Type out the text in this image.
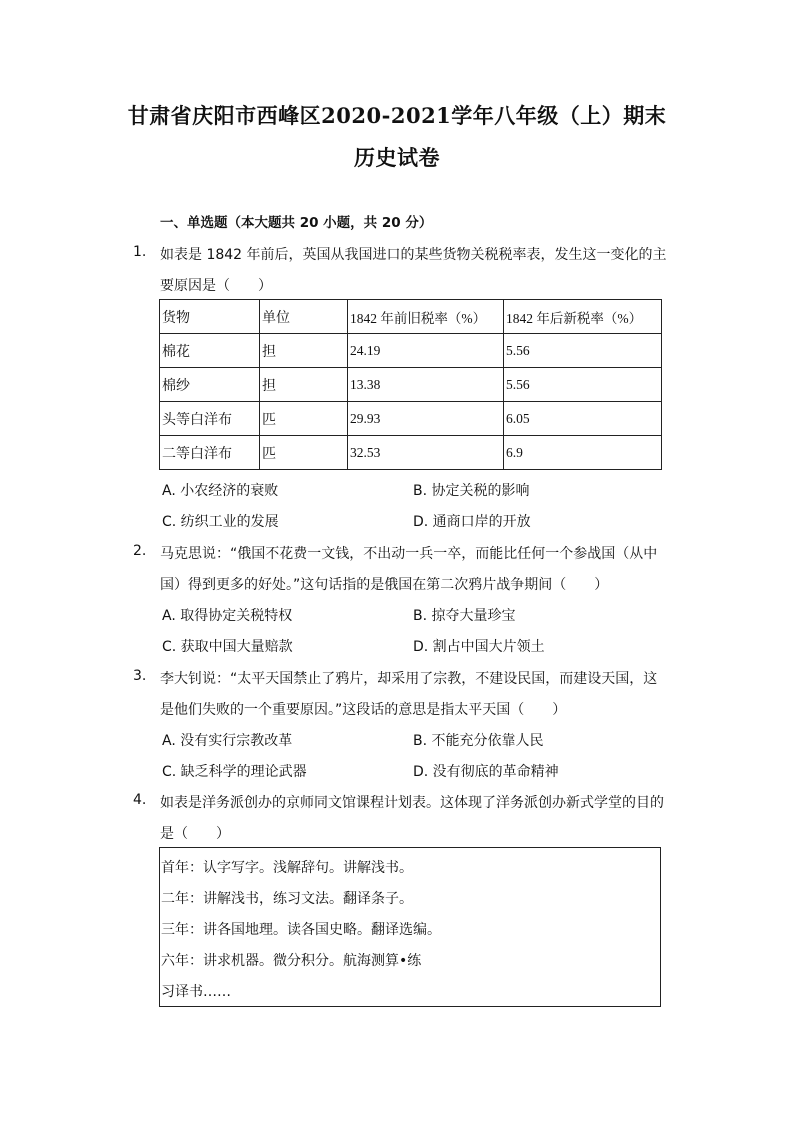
甘肃省庆阳市西峰区2020-2021学年八年级（上）期末
历史试卷
一、单选题（本大题共 20 小题，共 20 分）
1. 如表是 1842 年前后，英国从我国进口的某些货物关税税率表，发生这一变化的主
要原因是（　　）
货物	单位	1842 年前旧税率（%）	1842 年后新税率（%）
棉花	担	24.19	5.56
棉纱	担	13.38	5.56
头等白洋布	匹	29.93	6.05
二等白洋布	匹	32.53	6.9
A. 小农经济的衰败	B. 协定关税的影响
C. 纺织工业的发展	D. 通商口岸的开放
2. 马克思说：“俄国不花费一文钱，不出动一兵一卒，而能比任何一个参战国（从中
国）得到更多的好处。”这句话指的是俄国在第二次鸦片战争期间（　　）
A. 取得协定关税特权	B. 掠夺大量珍宝
C. 获取中国大量赔款	D. 割占中国大片领土
3. 李大钊说：“太平天国禁止了鸦片，却采用了宗教，不建设民国，而建设天国，这
是他们失败的一个重要原因。”这段话的意思是指太平天国（　　）
A. 没有实行宗教改革	B. 不能充分依靠人民
C. 缺乏科学的理论武器	D. 没有彻底的革命精神
4. 如表是洋务派创办的京师同文馆课程计划表。这体现了洋务派创办新式学堂的目的
是（　　）
首年：认字写字。浅解辞句。讲解浅书。
二年：讲解浅书，练习文法。翻译条子。
三年：讲各国地理。读各国史略。翻译选编。
六年：讲求机器。微分积分。航海测算•练
习译书……
